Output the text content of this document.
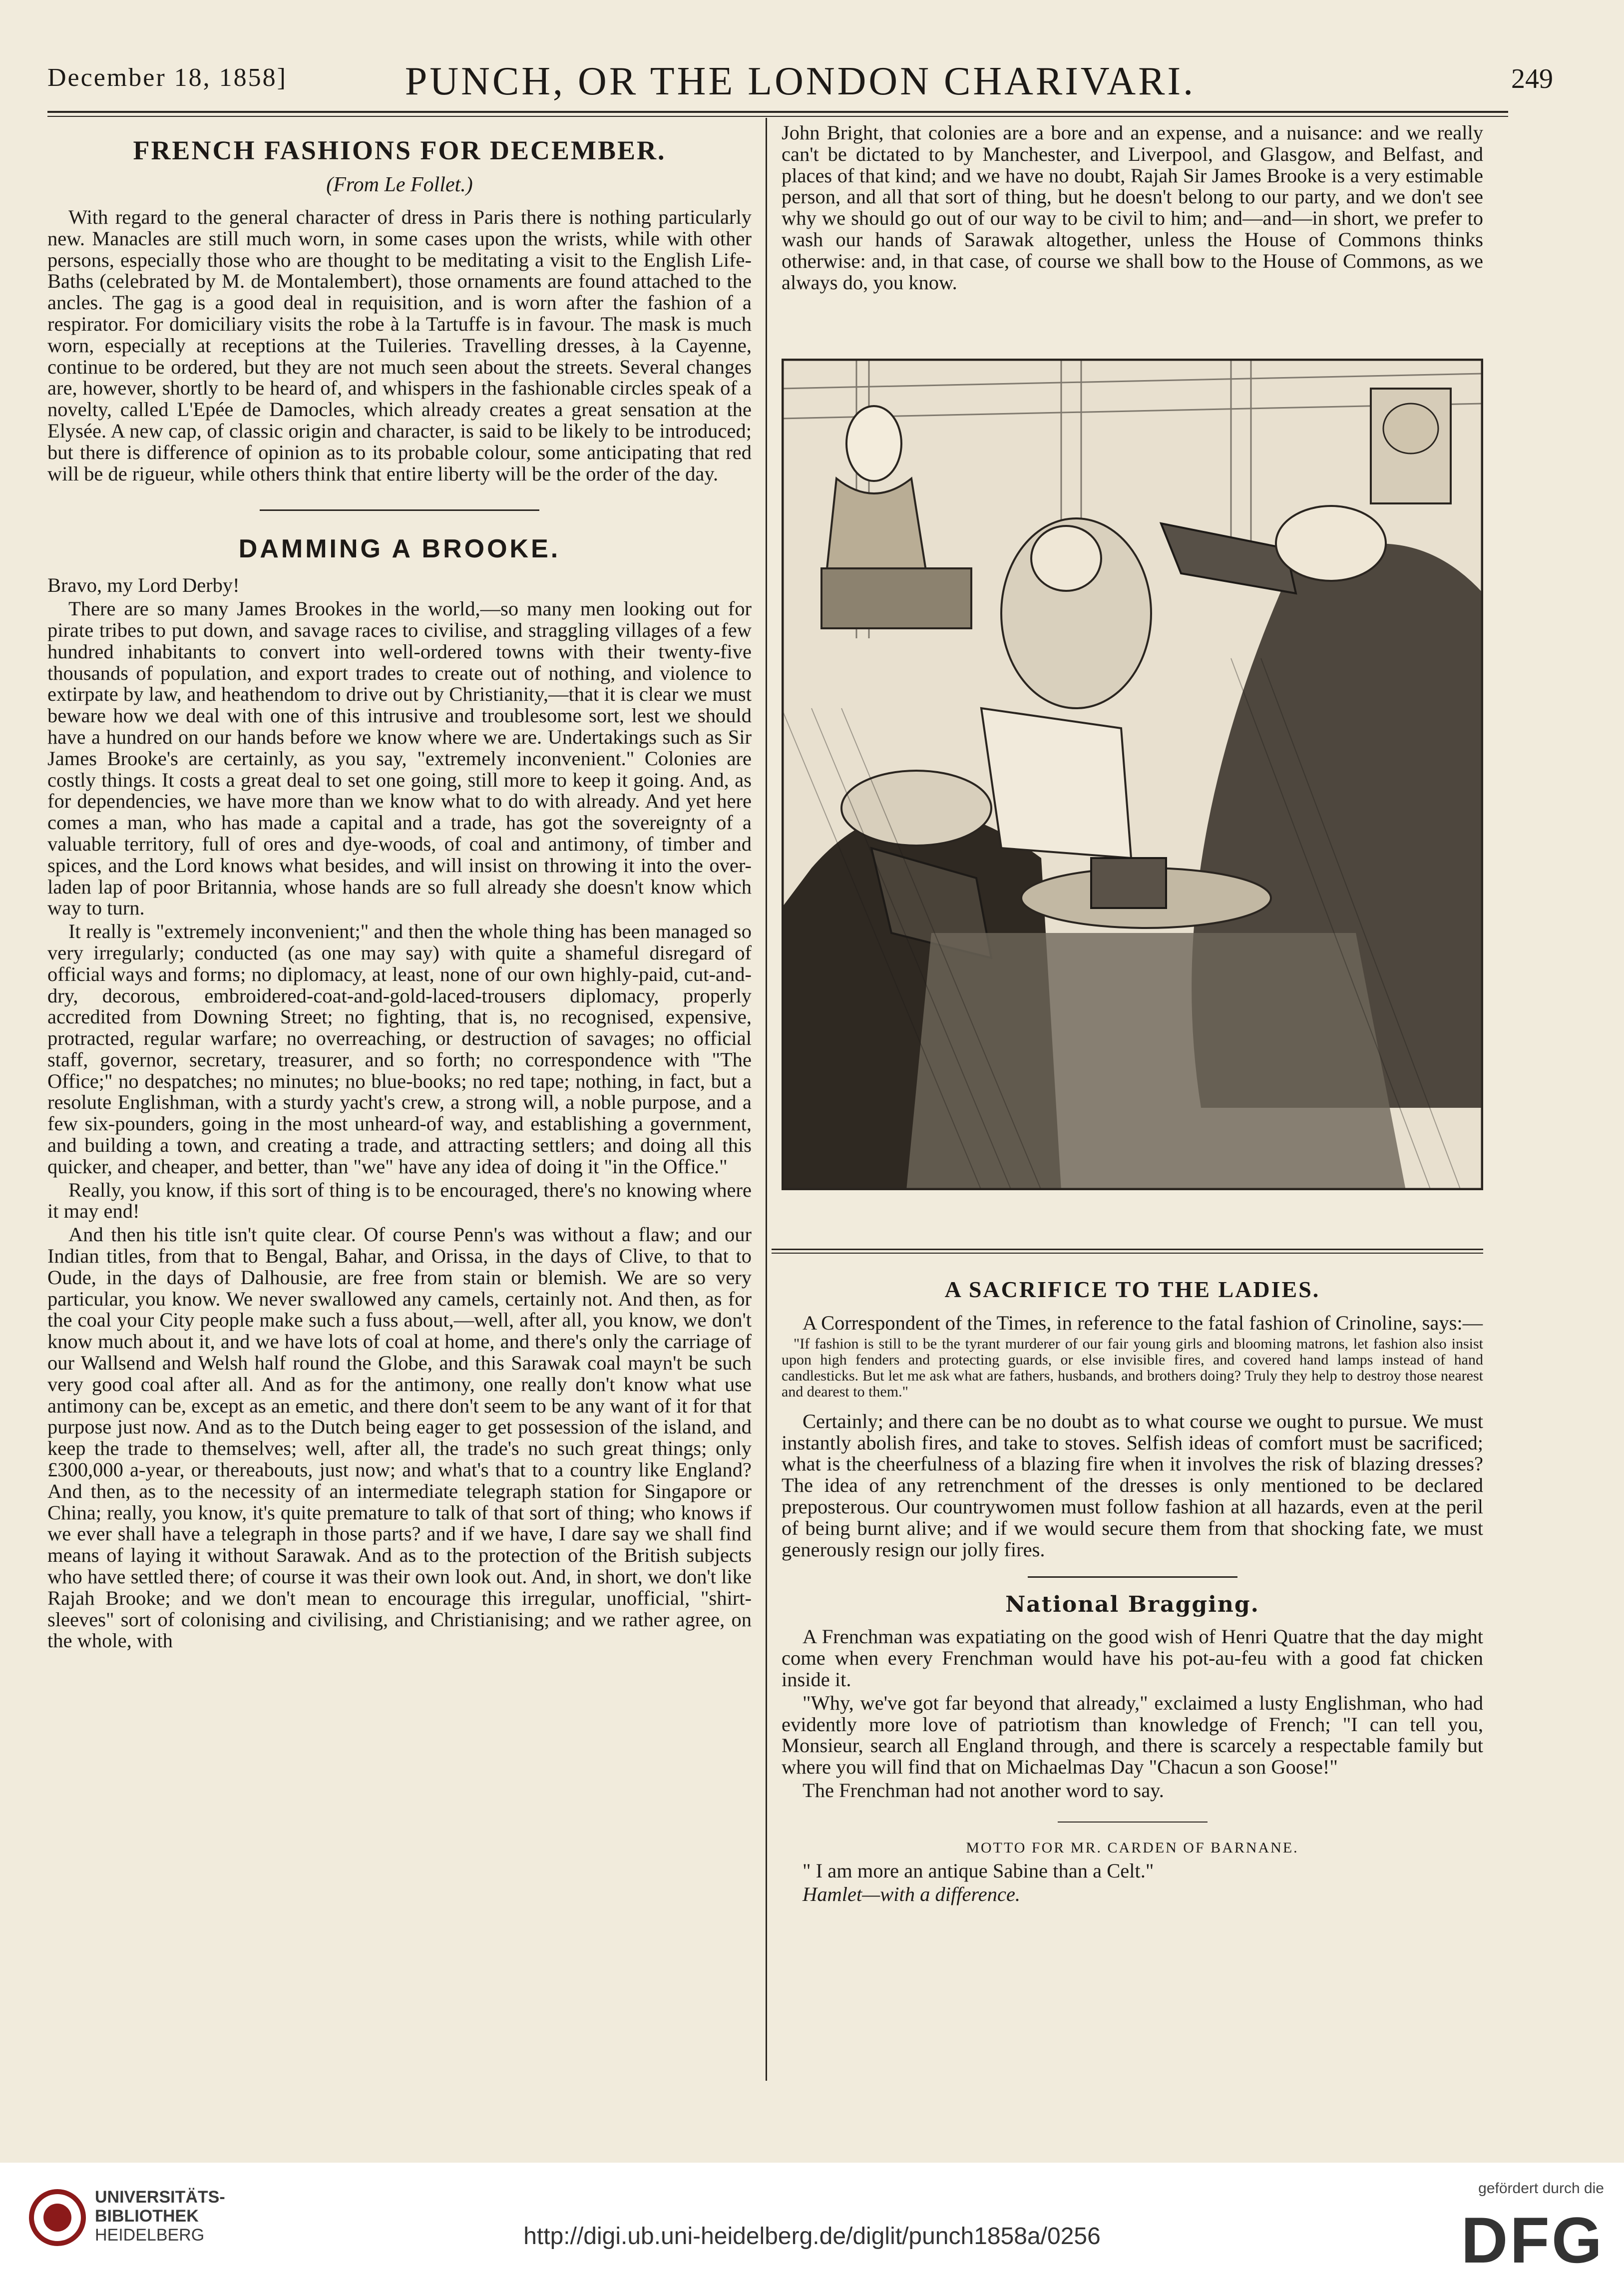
December 18, 1858]	PUNCH, OR THE LONDON CHARIVARI.	249
FRENCH FASHIONS FOR DECEMBER.
(From Le Follet.)

With regard to the general character of dress in Paris there is nothing particularly new. Manacles are still much worn, in some cases upon the wrists, while with other persons, especially those who are thought to be meditating a visit to the English Life-Baths (celebrated by M. de Montalembert), those ornaments are found attached to the ancles. The gag is a good deal in requisition, and is worn after the fashion of a respirator. For domiciliary visits the robe à la Tartuffe is in favour. The mask is much worn, especially at receptions at the Tuileries. Travelling dresses, à la Cayenne, continue to be ordered, but they are not much seen about the streets. Several changes are, however, shortly to be heard of, and whispers in the fashionable circles speak of a novelty, called L'Epée de Damocles, which already creates a great sensation at the Elysée. A new cap, of classic origin and character, is said to be likely to be introduced; but there is difference of opinion as to its probable colour, some anticipating that red will be de rigueur, while others think that entire liberty will be the order of the day.

DAMMING A BROOKE.

Bravo, my Lord Derby!

There are so many James Brookes in the world,—so many men looking out for pirate tribes to put down, and savage races to civilise, and straggling villages of a few hundred inhabitants to convert into well-ordered towns with their twenty-five thousands of population, and export trades to create out of nothing, and violence to extirpate by law, and heathendom to drive out by Christianity,—that it is clear we must beware how we deal with one of this intrusive and troublesome sort, lest we should have a hundred on our hands before we know where we are. Undertakings such as Sir James Brooke's are certainly, as you say, "extremely inconvenient." Colonies are costly things. It costs a great deal to set one going, still more to keep it going. And, as for dependencies, we have more than we know what to do with already. And yet here comes a man, who has made a capital and a trade, has got the sovereignty of a valuable territory, full of ores and dye-woods, of coal and antimony, of timber and spices, and the Lord knows what besides, and will insist on throwing it into the over-laden lap of poor Britannia, whose hands are so full already she doesn't know which way to turn.

It really is "extremely inconvenient;" and then the whole thing has been managed so very irregularly; conducted (as one may say) with quite a shameful disregard of official ways and forms; no diplomacy, at least, none of our own highly-paid, cut-and-dry, decorous, embroidered-coat-and-gold-laced-trousers diplomacy, properly accredited from Downing Street; no fighting, that is, no recognised, expensive, protracted, regular warfare; no overreaching, or destruction of savages; no official staff, governor, secretary, treasurer, and so forth; no correspondence with "The Office;" no despatches; no minutes; no blue-books; no red tape; nothing, in fact, but a resolute Englishman, with a sturdy yacht's crew, a strong will, a noble purpose, and a few six-pounders, going in the most unheard-of way, and establishing a government, and building a town, and creating a trade, and attracting settlers; and doing all this quicker, and cheaper, and better, than "we" have any idea of doing it "in the Office."

Really, you know, if this sort of thing is to be encouraged, there's no knowing where it may end!

And then his title isn't quite clear. Of course Penn's was without a flaw; and our Indian titles, from that to Bengal, Bahar, and Orissa, in the days of Clive, to that to Oude, in the days of Dalhousie, are free from stain or blemish. We are so very particular, you know. We never swallowed any camels, certainly not. And then, as for the coal your City people make such a fuss about,—well, after all, you know, we don't know much about it, and we have lots of coal at home, and there's only the carriage of our Wallsend and Welsh half round the Globe, and this Sarawak coal mayn't be such very good coal after all. And as for the antimony, one really don't know what use antimony can be, except as an emetic, and there don't seem to be any want of it for that purpose just now. And as to the Dutch being eager to get possession of the island, and keep the trade to themselves; well, after all, the trade's no such great things; only £300,000 a-year, or thereabouts, just now; and what's that to a country like England? And then, as to the necessity of an intermediate telegraph station for Singapore or China; really, you know, it's quite premature to talk of that sort of thing; who knows if we ever shall have a telegraph in those parts? and if we have, I dare say we shall find means of laying it without Sarawak. And as to the protection of the British subjects who have settled there; of course it was their own look out. And, in short, we don't like Rajah Brooke; and we don't mean to encourage this irregular, unofficial, "shirt-sleeves" sort of colonising and civilising, and Christianising; and we rather agree, on the whole, with

John Bright, that colonies are a bore and an expense, and a nuisance: and we really can't be dictated to by Manchester, and Liverpool, and Glasgow, and Belfast, and places of that kind; and we have no doubt, Rajah Sir James Brooke is a very estimable person, and all that sort of thing, but he doesn't belong to our party, and we don't see why we should go out of our way to be civil to him; and—and—in short, we prefer to wash our hands of Sarawak altogether, unless the House of Commons thinks otherwise: and, in that case, of course we shall bow to the House of Commons, as we always do, you know.

A SACRIFICE TO THE LADIES.

A Correspondent of the Times, in reference to the fatal fashion of Crinoline, says:—

"If fashion is still to be the tyrant murderer of our fair young girls and blooming matrons, let fashion also insist upon high fenders and protecting guards, or else invisible fires, and covered hand lamps instead of hand candlesticks. But let me ask what are fathers, husbands, and brothers doing? Truly they help to destroy those nearest and dearest to them."

Certainly; and there can be no doubt as to what course we ought to pursue. We must instantly abolish fires, and take to stoves. Selfish ideas of comfort must be sacrificed; what is the cheerfulness of a blazing fire when it involves the risk of blazing dresses? The idea of any retrenchment of the dresses is only mentioned to be declared preposterous. Our countrywomen must follow fashion at all hazards, even at the peril of being burnt alive; and if we would secure them from that shocking fate, we must generously resign our jolly fires.

National Bragging.

A Frenchman was expatiating on the good wish of Henri Quatre that the day might come when every Frenchman would have his pot-au-feu with a good fat chicken inside it.

"Why, we've got far beyond that already," exclaimed a lusty Englishman, who had evidently more love of patriotism than knowledge of French; "I can tell you, Monsieur, search all England through, and there is scarcely a respectable family but where you will find that on Michaelmas Day "Chacun a son Goose!"

The Frenchman had not another word to say.

MOTTO FOR MR. CARDEN OF BARNANE.

" I am more an antique Sabine than a Celt."

Hamlet—with a difference.

UNIVERSITÄTS-
BIBLIOTHEK
HEIDELBERG	http://digi.ub.uni-heidelberg.de/diglit/punch1858a/0256
gefördert durch die
DFG
